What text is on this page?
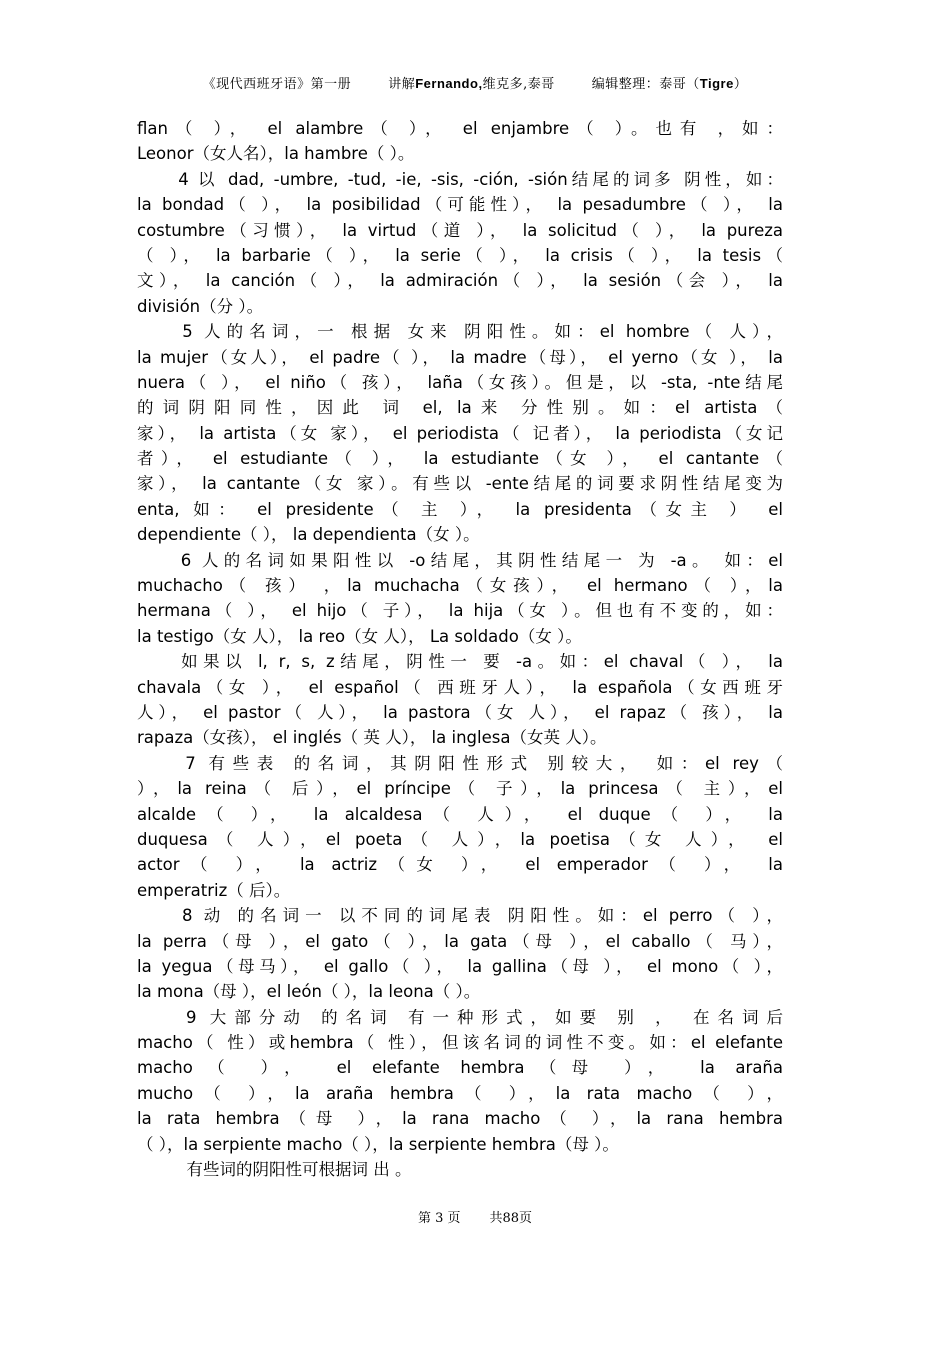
《现代西班牙语》第一册	讲解Fernando,维克多,泰哥	编辑整理：泰哥（Tigre）
flan（ ）， el alambre（ ）， el enjambre（ ）。也有 ，如：
Leonor（女人名），la hambre（ ）。
　　4 以 dad, -umbre, -tud, -ie, -sis, -ción, -sión结尾的词多 阴性，如：
la bondad（ ）， la posibilidad（可能性）， la pesadumbre（ ）， la
costumbre（习惯）， la virtud（道 ）， la solicitud（ ）， la pureza
（ ）， la barbarie（ ）， la serie（ ）， la crisis（ ）， la tesis（
文）， la canción（ ）， la admiración（ ）， la sesión（会 ）， la
división（分 ）。
　　5 人的名词，一 根据 女来 阴阳性。如：el hombre（ 人），
la mujer（女人）， el padre（ ）， la madre（母）， el yerno（女 ）， la
nuera（ ）， el niño（ 孩）， laña（女孩）。但是，以 -sta, -nte结尾
的词阴阳同性，因此 词 el, la来 分性别。如：el artista（
家）， la artista（女 家）， el periodista（ 记者）， la periodista（女记
者）， el estudiante（ ）， la estudiante（女 ）， el cantante（
家）， la cantante（女 家）。有些以 -ente结尾的词要求阴性结尾变为
enta, 如： el presidente（ 主 ）， la presidenta（女主 ） el
dependiente（ ）， la dependienta（女 ）。
　　6 人的名词如果阳性以 -o结尾，其阴性结尾一 为 -a。 如：el
muchacho（ 孩） ，la muchacha（女孩）， el hermano（ ），la
hermana（ ）， el hijo（ 子）， la hija（女 ）。但也有不变的，如：
la testigo（女 人）， la reo（女 人）， La soldado（女 ）。
　　如果以 l, r, s, z结尾，阴性一 要 -a。如：el chaval（ ）， la
chavala（女 ）， el español（ 西班牙人）， la española（女西班牙
人）， el pastor（ 人）， la pastora（女 人）， el rapaz（ 孩）， la
rapaza（女孩）， el inglés（ 英 人）， la inglesa（女英 人）。
　　7 有些表 的名词，其阴阳性形式 别较大， 如：el rey（
），la reina（ 后），el príncipe（ 子），la princesa（ 主），el
alcalde（ ）， la alcaldesa（ 人）， el duque（ ）， la
duquesa（ 人），el poeta（ 人），la poetisa（女 人）， el
actor（ ）， la actriz（女 ）， el emperador（ ）， la
emperatriz（ 后）。
　　8 动 的名词一 以不同的词尾表 阴阳性。如：el perro（ ），
la perra（母 ），el gato（ ），la gata（母 ），el caballo（ 马），
la yegua（母马）， el gallo（ ）， la gallina（母 ）， el mono（ ），
la mona（母 ），el león（ ），la leona（ ）。
　　9 大部分动 的名词 有一种形式，如要 别 ， 在名词后
macho（ 性）或hembra（ 性），但该名词的词性不变。如：el elefante
macho（ ）， el elefante hembra（母 ）， la araña
mucho（ ），la araña hembra（ ），la rata macho（ ），
la rata hembra（母 ），la rana macho（ ），la rana hembra
（ ），la serpiente macho（ ），la serpiente hembra（母 ）。
　　　有些词的阴阳性可根据词 出 。
第 3 页 共88页
